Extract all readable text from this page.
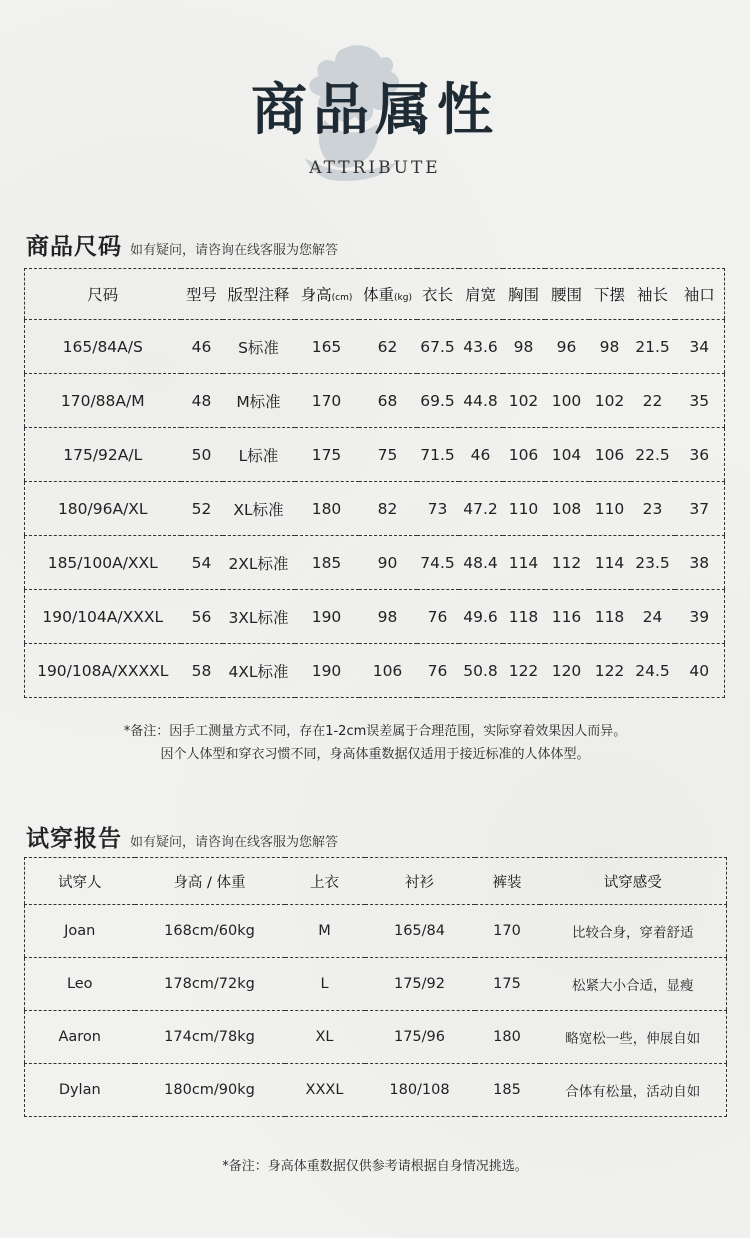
商品属性
ATTRIBUTE
商品尺码 如有疑问，请咨询在线客服为您解答
尺码	型号	版型注释	身高(cm)	体重(kg)	衣长	肩宽	胸围	腰围	下摆	袖长	袖口
165/84A/S	46	S标准	165	62	67.5	43.6	98	96	98	21.5	34
170/88A/M	48	M标准	170	68	69.5	44.8	102	100	102	22	35
175/92A/L	50	L标准	175	75	71.5	46	106	104	106	22.5	36
180/96A/XL	52	XL标准	180	82	73	47.2	110	108	110	23	37
185/100A/XXL	54	2XL标准	185	90	74.5	48.4	114	112	114	23.5	38
190/104A/XXXL	56	3XL标准	190	98	76	49.6	118	116	118	24	39
190/108A/XXXXL	58	4XL标准	190	106	76	50.8	122	120	122	24.5	40
*备注：因手工测量方式不同，存在1-2cm误差属于合理范围，实际穿着效果因人而异。
因个人体型和穿衣习惯不同，身高体重数据仅适用于接近标准的人体体型。
试穿报告 如有疑问，请咨询在线客服为您解答
试穿人	身高 / 体重	上衣	衬衫	裤装	试穿感受
Joan	168cm/60kg	M	165/84	170	比较合身，穿着舒适
Leo	178cm/72kg	L	175/92	175	松紧大小合适，显瘦
Aaron	174cm/78kg	XL	175/96	180	略宽松一些，伸展自如
Dylan	180cm/90kg	XXXL	180/108	185	合体有松量，活动自如
*备注：身高体重数据仅供参考请根据自身情况挑选。
